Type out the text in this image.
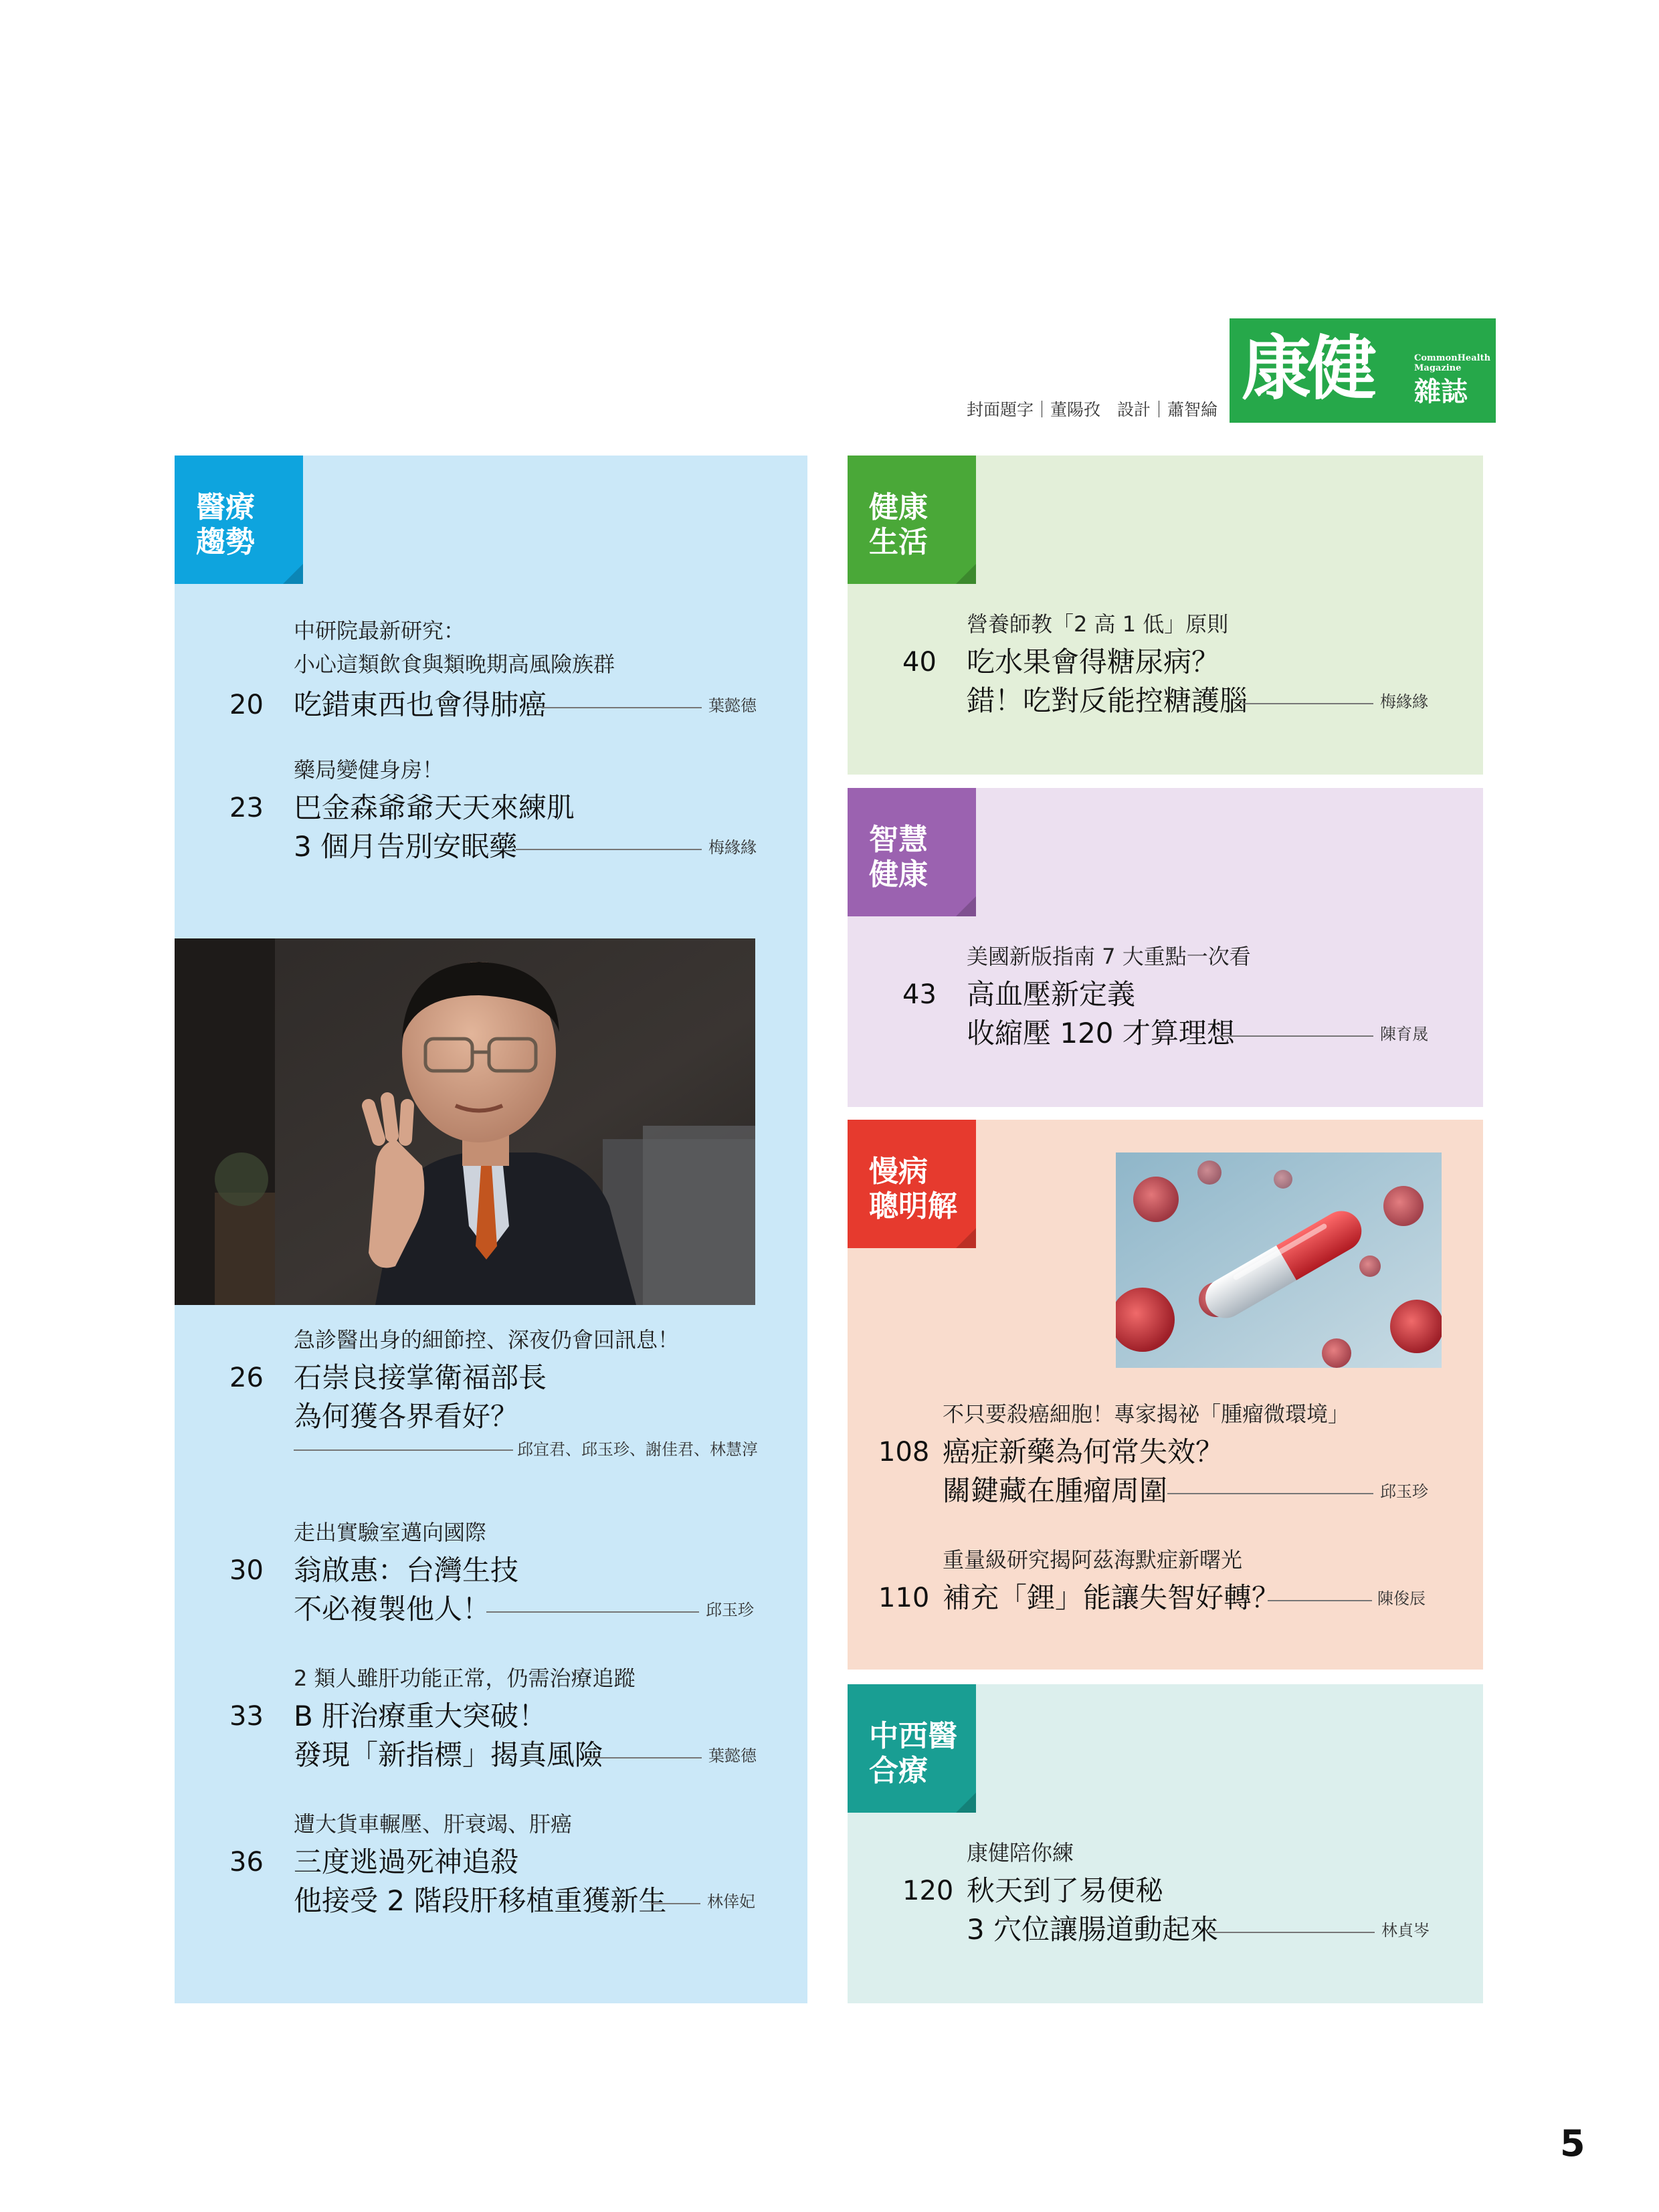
封面題字｜董陽孜　設計｜蕭智綸
康健	CommonHealth Magazine
雜誌
醫療
趨勢
中研院最新研究：
小心這類飲食與類晚期高風險族群
20 吃錯東西也會得肺癌	葉懿德
藥局變健身房！
23 巴金森爺爺天天來練肌
3 個月告別安眠藥	梅緣緣
急診醫出身的細節控、深夜仍會回訊息！
26 石崇良接掌衛福部長
為何獲各界看好？
邱宜君、邱玉珍、謝佳君、林慧淳
走出實驗室邁向國際
30 翁啟惠：台灣生技
不必複製他人！	邱玉珍
2 類人雖肝功能正常，仍需治療追蹤
33 B 肝治療重大突破！
發現「新指標」揭真風險	葉懿德
遭大貨車輾壓、肝衰竭、肝癌
36 三度逃過死神追殺
他接受 2 階段肝移植重獲新生	林倖妃
健康
生活
營養師教「2 高 1 低」原則
40 吃水果會得糖尿病？
錯！吃對反能控糖護腦	梅緣緣
智慧
健康
美國新版指南 7 大重點一次看
43 高血壓新定義
收縮壓 120 才算理想	陳育晟
慢病
聰明解
不只要殺癌細胞！專家揭祕「腫瘤微環境」
108 癌症新藥為何常失效？
關鍵藏在腫瘤周圍	邱玉珍
重量級研究揭阿茲海默症新曙光
110 補充「鋰」能讓失智好轉？	陳俊辰
中西醫
合療
康健陪你練
120 秋天到了易便秘
3 穴位讓腸道動起來	林貞岑
5
